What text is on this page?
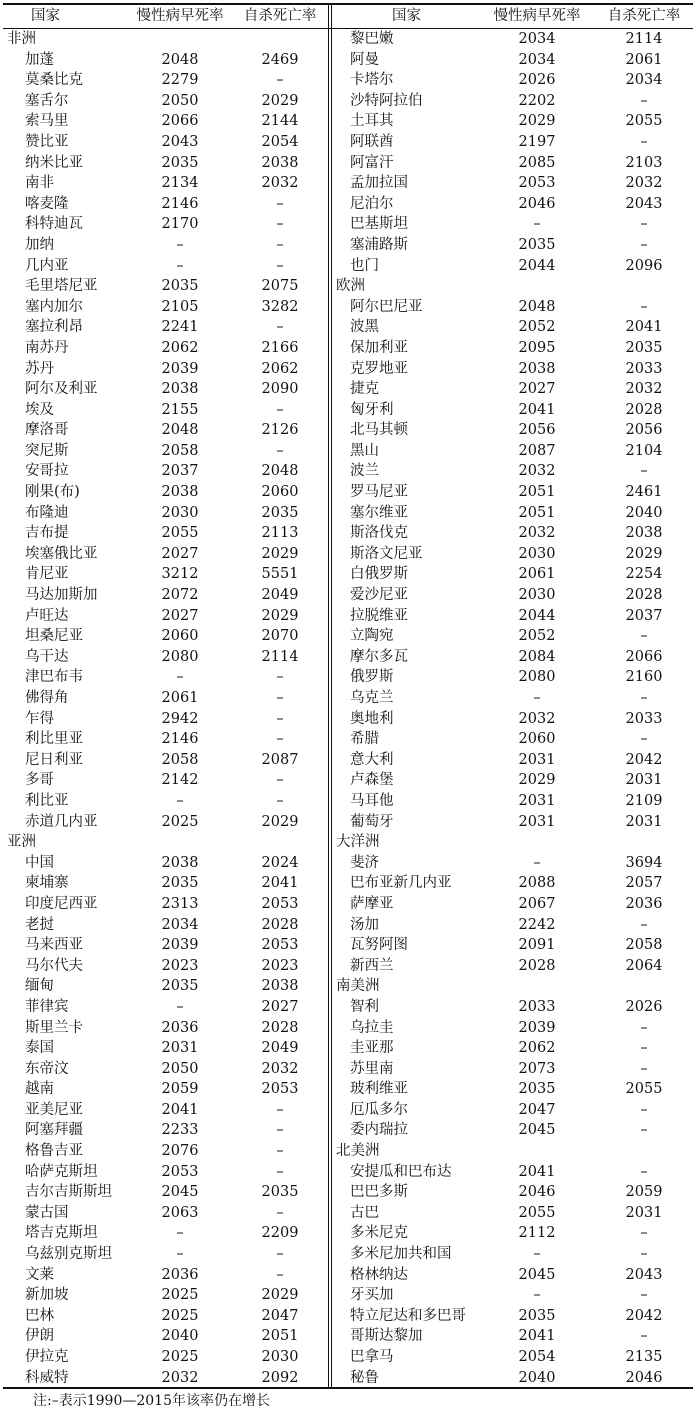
国家	慢性病早死率	自杀死亡率
非洲
加蓬	2048	2469
莫桑比克	2279	–
塞舌尔	2050	2029
索马里	2066	2144
赞比亚	2043	2054
纳米比亚	2035	2038
南非	2134	2032
喀麦隆	2146	–
科特迪瓦	2170	–
加纳	–	–
几内亚	–	–
毛里塔尼亚	2035	2075
塞内加尔	2105	3282
塞拉利昂	2241	–
南苏丹	2062	2166
苏丹	2039	2062
阿尔及利亚	2038	2090
埃及	2155	–
摩洛哥	2048	2126
突尼斯	2058	–
安哥拉	2037	2048
刚果(布)	2038	2060
布隆迪	2030	2035
吉布提	2055	2113
埃塞俄比亚	2027	2029
肯尼亚	3212	5551
马达加斯加	2072	2049
卢旺达	2027	2029
坦桑尼亚	2060	2070
乌干达	2080	2114
津巴布韦	–	–
佛得角	2061	–
乍得	2942	–
利比里亚	2146	–
尼日利亚	2058	2087
多哥	2142	–
利比亚	–	–
赤道几内亚	2025	2029
亚洲
中国	2038	2024
柬埔寨	2035	2041
印度尼西亚	2313	2053
老挝	2034	2028
马来西亚	2039	2053
马尔代夫	2023	2023
缅甸	2035	2038
菲律宾	–	2027
斯里兰卡	2036	2028
泰国	2031	2049
东帝汶	2050	2032
越南	2059	2053
亚美尼亚	2041	–
阿塞拜疆	2233	–
格鲁吉亚	2076	–
哈萨克斯坦	2053	–
吉尔吉斯斯坦	2045	2035
蒙古国	2063	–
塔吉克斯坦	–	2209
乌兹别克斯坦	–	–
文莱	2036	–
新加坡	2025	2029
巴林	2025	2047
伊朗	2040	2051
伊拉克	2025	2030
科威特	2032	2092
国家	慢性病早死率	自杀死亡率
黎巴嫩	2034	2114
阿曼	2034	2061
卡塔尔	2026	2034
沙特阿拉伯	2202	–
土耳其	2029	2055
阿联酋	2197	–
阿富汗	2085	2103
孟加拉国	2053	2032
尼泊尔	2046	2043
巴基斯坦	–	–
塞浦路斯	2035	–
也门	2044	2096
欧洲
阿尔巴尼亚	2048	–
波黑	2052	2041
保加利亚	2095	2035
克罗地亚	2038	2033
捷克	2027	2032
匈牙利	2041	2028
北马其顿	2056	2056
黑山	2087	2104
波兰	2032	–
罗马尼亚	2051	2461
塞尔维亚	2051	2040
斯洛伐克	2032	2038
斯洛文尼亚	2030	2029
白俄罗斯	2061	2254
爱沙尼亚	2030	2028
拉脱维亚	2044	2037
立陶宛	2052	–
摩尔多瓦	2084	2066
俄罗斯	2080	2160
乌克兰	–	–
奥地利	2032	2033
希腊	2060	–
意大利	2031	2042
卢森堡	2029	2031
马耳他	2031	2109
葡萄牙	2031	2031
大洋洲
斐济	–	3694
巴布亚新几内亚	2088	2057
萨摩亚	2067	2036
汤加	2242	–
瓦努阿图	2091	2058
新西兰	2028	2064
南美洲
智利	2033	2026
乌拉圭	2039	–
圭亚那	2062	–
苏里南	2073	–
玻利维亚	2035	2055
厄瓜多尔	2047	–
委内瑞拉	2045	–
北美洲
安提瓜和巴布达	2041	–
巴巴多斯	2046	2059
古巴	2055	2031
多米尼克	2112	–
多米尼加共和国	–	–
格林纳达	2045	2043
牙买加	–	–
特立尼达和多巴哥	2035	2042
哥斯达黎加	2041	–
巴拿马	2054	2135
秘鲁	2040	2046
注:–表示1990—2015年该率仍在增长
